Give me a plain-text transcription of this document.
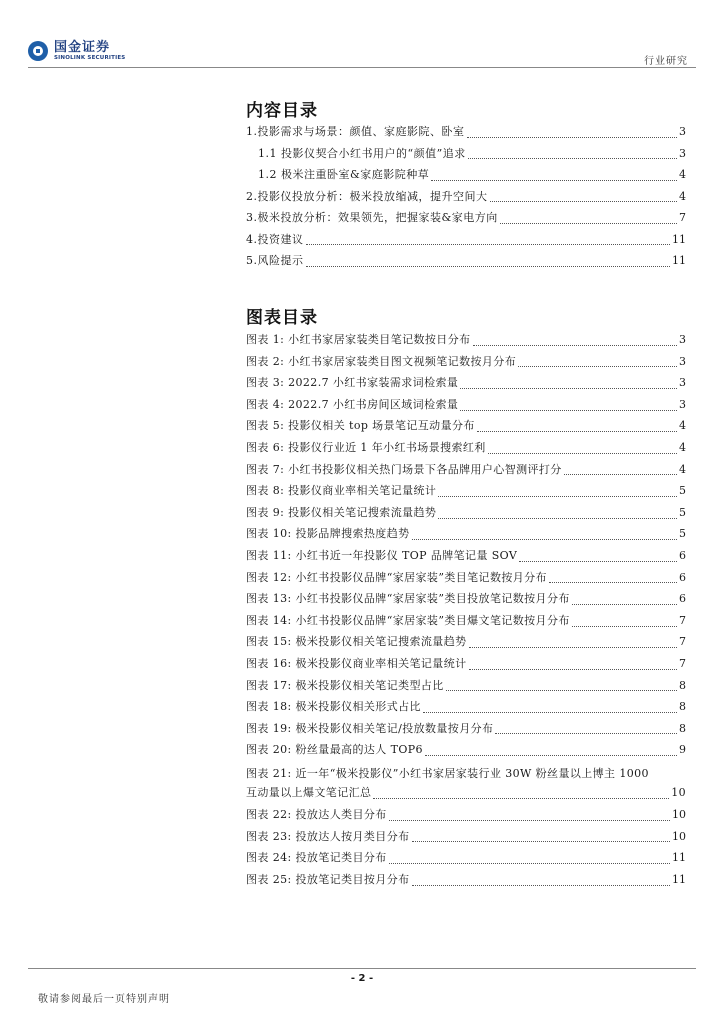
国金证券
SINOLINK SECURITIES	行业研究
内容目录
1.投影需求与场景：颜值、家庭影院、卧室	3
1.1 投影仪契合小红书用户的“颜值”追求	3
1.2 极米注重卧室&家庭影院种草	4
2.投影仪投放分析：极米投放缩减，提升空间大	4
3.极米投放分析：效果领先，把握家装&家电方向	7
4.投资建议	11
5.风险提示	11
图表目录
图表 1: 小红书家居家装类目笔记数按日分布	3
图表 2: 小红书家居家装类目图文视频笔记数按月分布	3
图表 3: 2022.7 小红书家装需求词检索量	3
图表 4: 2022.7 小红书房间区域词检索量	3
图表 5: 投影仪相关 top 场景笔记互动量分布	4
图表 6: 投影仪行业近 1 年小红书场景搜索红利	4
图表 7: 小红书投影仪相关热门场景下各品牌用户心智测评打分	4
图表 8: 投影仪商业率相关笔记量统计	5
图表 9: 投影仪相关笔记搜索流量趋势	5
图表 10: 投影品牌搜索热度趋势	5
图表 11: 小红书近一年投影仪 TOP 品牌笔记量 SOV	6
图表 12: 小红书投影仪品牌“家居家装”类目笔记数按月分布	6
图表 13: 小红书投影仪品牌“家居家装”类目投放笔记数按月分布	6
图表 14: 小红书投影仪品牌“家居家装”类目爆文笔记数按月分布	7
图表 15: 极米投影仪相关笔记搜索流量趋势	7
图表 16: 极米投影仪商业率相关笔记量统计	7
图表 17: 极米投影仪相关笔记类型占比	8
图表 18: 极米投影仪相关形式占比	8
图表 19: 极米投影仪相关笔记/投放数量按月分布	8
图表 20: 粉丝量最高的达人 TOP6	9
图表 21: 近一年“极米投影仪”小红书家居家装行业 30W 粉丝量以上博主 1000
互动量以上爆文笔记汇总	10
图表 22: 投放达人类目分布	10
图表 23: 投放达人按月类目分布	10
图表 24: 投放笔记类目分布	11
图表 25: 投放笔记类目按月分布	11
- 2 -
敬请参阅最后一页特别声明
